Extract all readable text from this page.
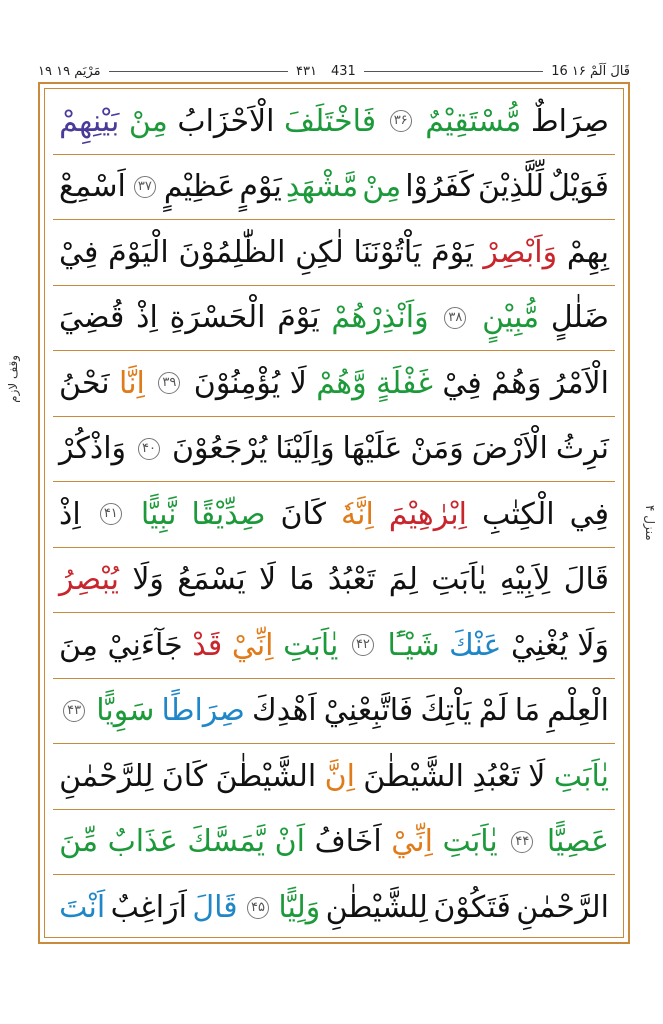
۱۹ مَرْيَم ۱۹	۴۳۱ 431	16 قَالَ اَلَمْ ۱۶
وقف لازم
منزل ۴
صِرَاطٌ
مُّسْتَقِيْمٌ
۳۶
فَاخْتَلَفَ
الْاَحْزَابُ
مِنْ
بَيْنِهِمْ
فَوَيْلٌ
لِّلَّذِيْنَ
كَفَرُوْا
مِنْ
مَّشْهَدِ
يَوْمٍ
عَظِيْمٍ
۳۷
اَسْمِعْ
بِهِمْ
وَاَبْصِرْ
يَوْمَ
يَاْتُوْنَنَا
لٰكِنِ
الظّٰلِمُوْنَ
الْيَوْمَ
فِيْ
ضَلٰلٍ
مُّبِيْنٍ
۳۸
وَاَنْذِرْهُمْ
يَوْمَ
الْحَسْرَةِ
اِذْ
قُضِيَ
الْاَمْرُ
وَهُمْ
فِيْ
غَفْلَةٍ
وَّهُمْ
لَا
يُؤْمِنُوْنَ
۳۹
اِنَّا
نَحْنُ
نَرِثُ
الْاَرْضَ
وَمَنْ
عَلَيْهَا
وَاِلَيْنَا
يُرْجَعُوْنَ
۴۰
وَاذْكُرْ
فِي
الْكِتٰبِ
اِبْرٰهِيْمَ
اِنَّهٗ
كَانَ
صِدِّيْقًا
نَّبِيًّا
۴۱
اِذْ
قَالَ
لِاَبِيْهِ
يٰاَبَتِ
لِمَ
تَعْبُدُ
مَا
لَا
يَسْمَعُ
وَلَا
يُبْصِرُ
وَلَا
يُغْنِيْ
عَنْكَ
شَيْـًٔا
۴۲
يٰاَبَتِ
اِنِّيْ
قَدْ
جَآءَنِيْ
مِنَ
الْعِلْمِ
مَا
لَمْ
يَاْتِكَ
فَاتَّبِعْنِيْ
اَهْدِكَ
صِرَاطًا
سَوِيًّا
۴۳
يٰاَبَتِ
لَا
تَعْبُدِ
الشَّيْطٰنَ
اِنَّ
الشَّيْطٰنَ
كَانَ
لِلرَّحْمٰنِ
عَصِيًّا
۴۴
يٰاَبَتِ
اِنِّيْ
اَخَافُ
اَنْ
يَّمَسَّكَ
عَذَابٌ
مِّنَ
الرَّحْمٰنِ
فَتَكُوْنَ
لِلشَّيْطٰنِ
وَلِيًّا
۴۵
قَالَ
اَرَاغِبٌ
اَنْتَ
